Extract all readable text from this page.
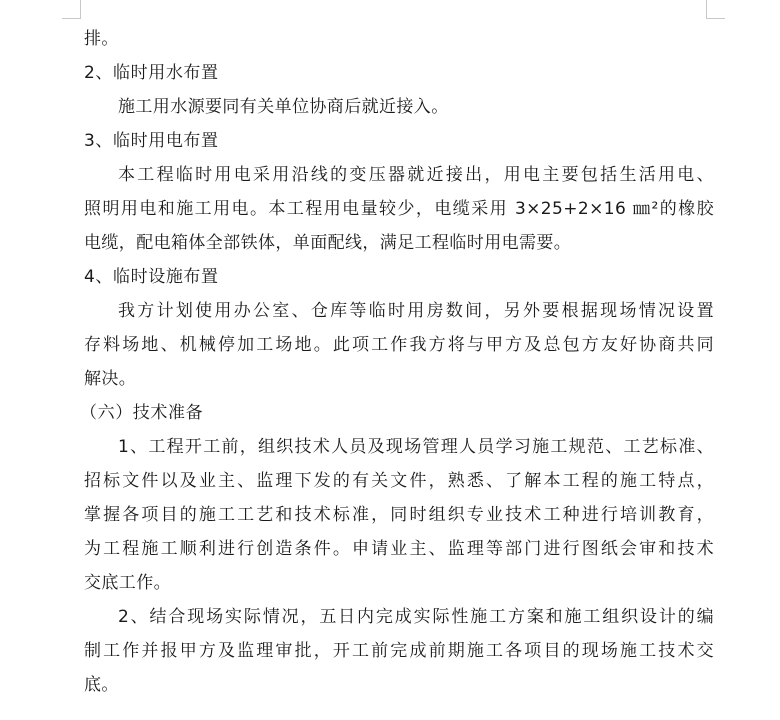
排。
2、临时用水布置
施工用水源要同有关单位协商后就近接入。
3、临时用电布置
本工程临时用电采用沿线的变压器就近接出，用电主要包括生活用电、
照明用电和施工用电。本工程用电量较少，电缆采用 3×25+2×16 ㎜²的橡胶
电缆，配电箱体全部铁体，单面配线，满足工程临时用电需要。
4、临时设施布置
我方计划使用办公室、仓库等临时用房数间，另外要根据现场情况设置
存料场地、机械停加工场地。此项工作我方将与甲方及总包方友好协商共同
解决。
（六）技术准备
1、工程开工前，组织技术人员及现场管理人员学习施工规范、工艺标准、
招标文件以及业主、监理下发的有关文件，熟悉、了解本工程的施工特点，
掌握各项目的施工工艺和技术标准，同时组织专业技术工种进行培训教育，
为工程施工顺利进行创造条件。申请业主、监理等部门进行图纸会审和技术
交底工作。
2、结合现场实际情况，五日内完成实际性施工方案和施工组织设计的编
制工作并报甲方及监理审批，开工前完成前期施工各项目的现场施工技术交
底。
